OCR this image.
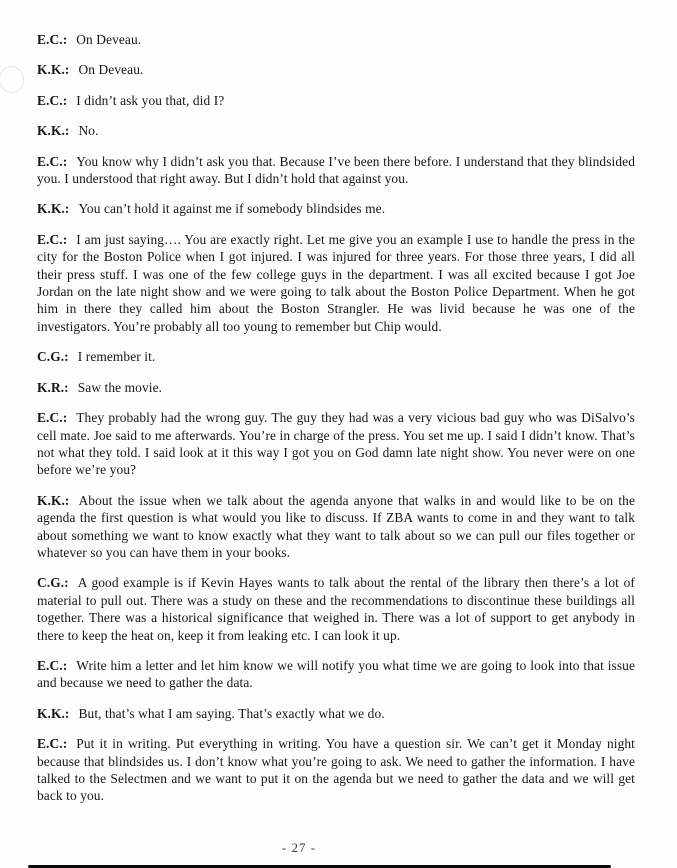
E.C.: On Deveau.

K.K.: On Deveau.

E.C.: I didn’t ask you that, did I?

K.K.: No.

E.C.: You know why I didn’t ask you that. Because I’ve been there before. I understand that they blindsided you. I understood that right away. But I didn’t hold that against you.

K.K.: You can’t hold it against me if somebody blindsides me.

E.C.: I am just saying…. You are exactly right. Let me give you an example I use to handle the press in the city for the Boston Police when I got injured. I was injured for three years. For those three years, I did all their press stuff. I was one of the few college guys in the department. I was all excited because I got Joe Jordan on the late night show and we were going to talk about the Boston Police Department. When he got him in there they called him about the Boston Strangler. He was livid because he was one of the investigators. You’re probably all too young to remember but Chip would.

C.G.: I remember it.

K.R.: Saw the movie.

E.C.: They probably had the wrong guy. The guy they had was a very vicious bad guy who was DiSalvo’s cell mate. Joe said to me afterwards. You’re in charge of the press. You set me up. I said I didn’t know. That’s not what they told. I said look at it this way I got you on God damn late night show. You never were on one before we’re you?

K.K.: About the issue when we talk about the agenda anyone that walks in and would like to be on the agenda the first question is what would you like to discuss. If ZBA wants to come in and they want to talk about something we want to know exactly what they want to talk about so we can pull our files together or whatever so you can have them in your books.

C.G.: A good example is if Kevin Hayes wants to talk about the rental of the library then there’s a lot of material to pull out. There was a study on these and the recommendations to discontinue these buildings all together. There was a historical significance that weighed in. There was a lot of support to get anybody in there to keep the heat on, keep it from leaking etc. I can look it up.

E.C.: Write him a letter and let him know we will notify you what time we are going to look into that issue and because we need to gather the data.

K.K.: But, that’s what I am saying. That’s exactly what we do.

E.C.: Put it in writing. Put everything in writing. You have a question sir. We can’t get it Monday night because that blindsides us. I don’t know what you’re going to ask. We need to gather the information. I have talked to the Selectmen and we want to put it on the agenda but we need to gather the data and we will get back to you.

- 27 -
